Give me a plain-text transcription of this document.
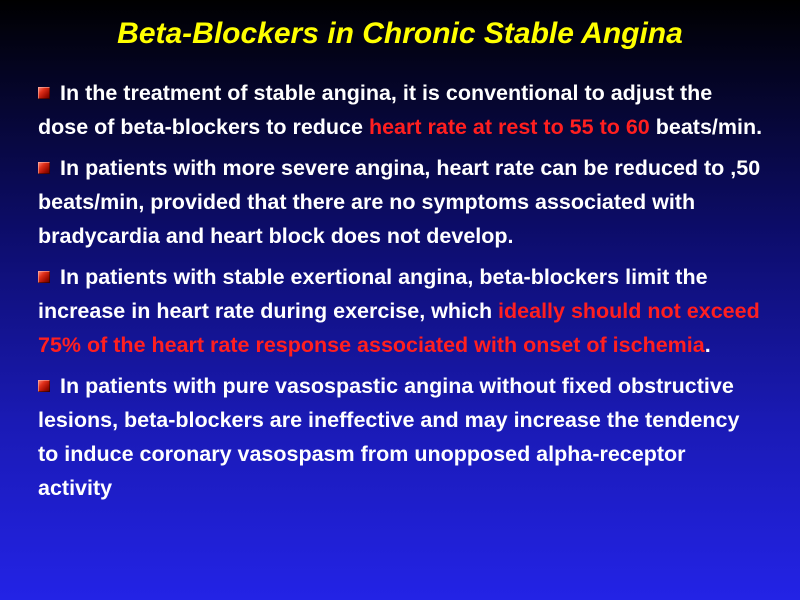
Beta-Blockers in Chronic Stable Angina

In the treatment of stable angina, it is conventional to adjust the dose of beta-blockers to reduce heart rate at rest to 55 to 60 beats/min.

In patients with more severe angina, heart rate can be reduced to ,50 beats/min, provided that there are no symptoms associated with bradycardia and heart block does not develop.

In patients with stable exertional angina, beta-blockers limit the increase in heart rate during exercise, which ideally should not exceed 75% of the heart rate response associated with onset of ischemia.

In patients with pure vasospastic angina without fixed obstructive lesions, beta-blockers are ineffective and may increase the tendency to induce coronary vasospasm from unopposed alpha-receptor activity
